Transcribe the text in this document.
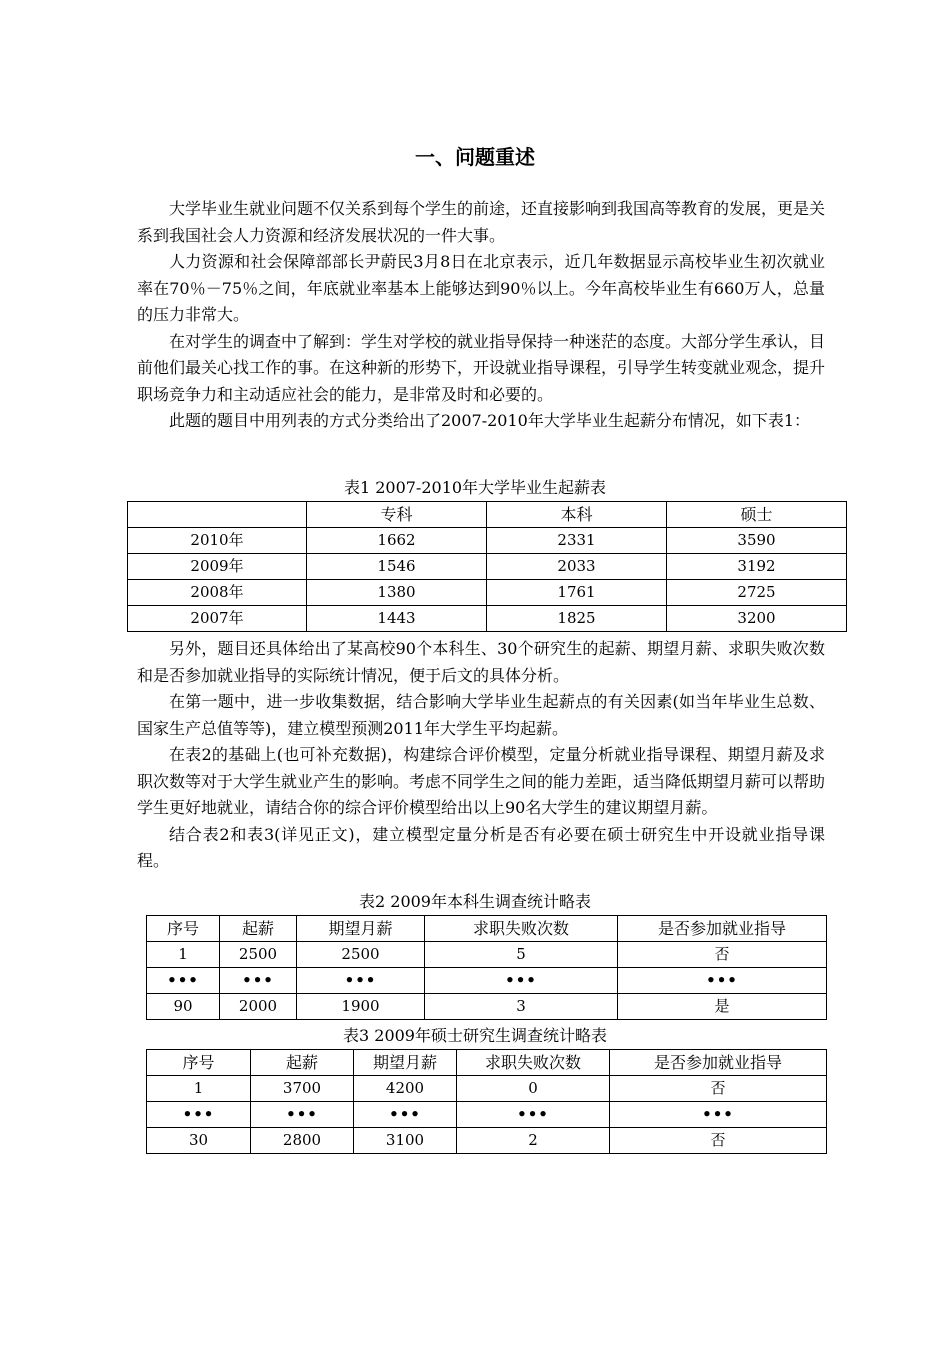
一、问题重述

大学毕业生就业问题不仅关系到每个学生的前途，还直接影响到我国高等教育的发展，更是关系到我国社会人力资源和经济发展状况的一件大事。

人力资源和社会保障部部长尹蔚民3月8日在北京表示，近几年数据显示高校毕业生初次就业率在70％－75％之间，年底就业率基本上能够达到90％以上。今年高校毕业生有660万人，总量的压力非常大。

在对学生的调查中了解到：学生对学校的就业指导保持一种迷茫的态度。大部分学生承认，目前他们最关心找工作的事。在这种新的形势下，开设就业指导课程，引导学生转变就业观念，提升职场竞争力和主动适应社会的能力，是非常及时和必要的。

此题的题目中用列表的方式分类给出了2007-2010年大学毕业生起薪分布情况，如下表1：

表1 2007-2010年大学毕业生起薪表
	专科	本科	硕士
2010年	1662	2331	3590
2009年	1546	2033	3192
2008年	1380	1761	2725
2007年	1443	1825	3200

另外，题目还具体给出了某高校90个本科生、30个研究生的起薪、期望月薪、求职失败次数和是否参加就业指导的实际统计情况，便于后文的具体分析。

在第一题中，进一步收集数据，结合影响大学毕业生起薪点的有关因素(如当年毕业生总数、国家生产总值等等)，建立模型预测2011年大学生平均起薪。

在表2的基础上(也可补充数据)，构建综合评价模型，定量分析就业指导课程、期望月薪及求职次数等对于大学生就业产生的影响。考虑不同学生之间的能力差距，适当降低期望月薪可以帮助学生更好地就业，请结合你的综合评价模型给出以上90名大学生的建议期望月薪。

结合表2和表3(详见正文)，建立模型定量分析是否有必要在硕士研究生中开设就业指导课程。

表2 2009年本科生调查统计略表
序号	起薪	期望月薪	求职失败次数	是否参加就业指导
1	2500	2500	5	否
•••	•••	•••	•••	•••
90	2000	1900	3	是
表3 2009年硕士研究生调查统计略表
序号	起薪	期望月薪	求职失败次数	是否参加就业指导
1	3700	4200	0	否
•••	•••	•••	•••	•••
30	2800	3100	2	否
